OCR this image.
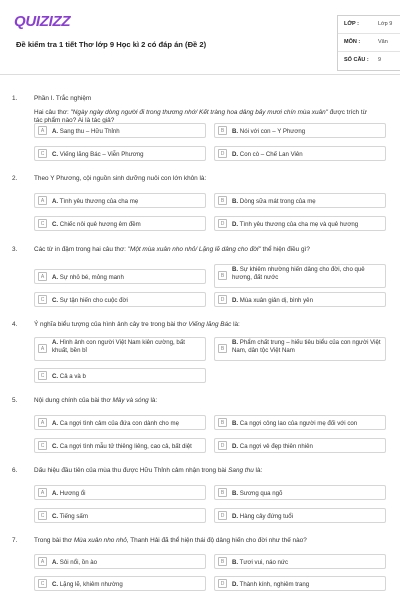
QUIZIZZ
Đề kiểm tra 1 tiết Thơ lớp 9 Học kì 2 có đáp án (Đề 2)
LỚP :	Lớp 9
MÔN :	Văn
SỐ CÂU : 9
1.	Phần I. Trắc nghiệm
Hai câu thơ: "Ngày ngày dòng người đi trong thương nhớ/ Kết tràng hoa dâng bảy mươi chín mùa xuân" được trích từ tác phẩm nào? Ai là tác giả?
A	A. Sang thu – Hữu Thỉnh	B	B. Nói với con – Y Phương
C	C. Viếng lăng Bác – Viễn Phương	D	D. Con cò – Chế Lan Viên
2.	Theo Y Phương, cội nguồn sinh dưỡng nuôi con lớn khôn là:
A	A. Tình yêu thương của cha mẹ	B	B. Dòng sữa mát trong của mẹ
C	C. Chiếc nôi quê hương êm đềm	D	D. Tình yêu thương của cha mẹ và quê hương
3.	Các từ in đậm trong hai câu thơ: "Một mùa xuân nho nhỏ/ Lặng lẽ dâng cho đời" thể hiện điều gì?
A	A. Sự nhỏ bé, mỏng manh	B
B. Sự khiêm nhường hiến dâng cho đời, cho quê hương, đất nước
C	C. Sự tận hiến cho cuộc đời	D	D. Mùa xuân giản dị, bình yên
4.	Ý nghĩa biểu tượng của hình ảnh cây tre trong bài thơ Viếng lăng Bác là:
A
A. Hình ảnh con người Việt Nam kiên cường, bất khuất, bền bỉ	B
B. Phẩm chất trung – hiếu tiêu biểu của con người Việt Nam, dân tộc Việt Nam
C	C. Cả a và b
5.	Nội dung chính của bài thơ Mây và sóng là:
A	A. Ca ngợi tình cảm của đứa con dành cho mẹ	B	B. Ca ngợi công lao của người mẹ đối với con
C	C. Ca ngợi tình mẫu tử thiêng liêng, cao cả, bất diệt	D	D. Ca ngợi vẻ đẹp thiên nhiên
6.	Dấu hiệu đầu tiên của mùa thu được Hữu Thỉnh cảm nhận trong bài Sang thu là:
A	A. Hương ổi	B	B. Sương qua ngõ
C	C. Tiếng sấm	D	D. Hàng cây đứng tuổi
7.	Trong bài thơ Mùa xuân nho nhỏ, Thanh Hải đã thể hiện thái độ dâng hiến cho đời như thế nào?
A	A. Sôi nổi, ồn ào	B	B. Tươi vui, náo nức
C	C. Lặng lẽ, khiêm nhường	D	D. Thành kính, nghiêm trang
